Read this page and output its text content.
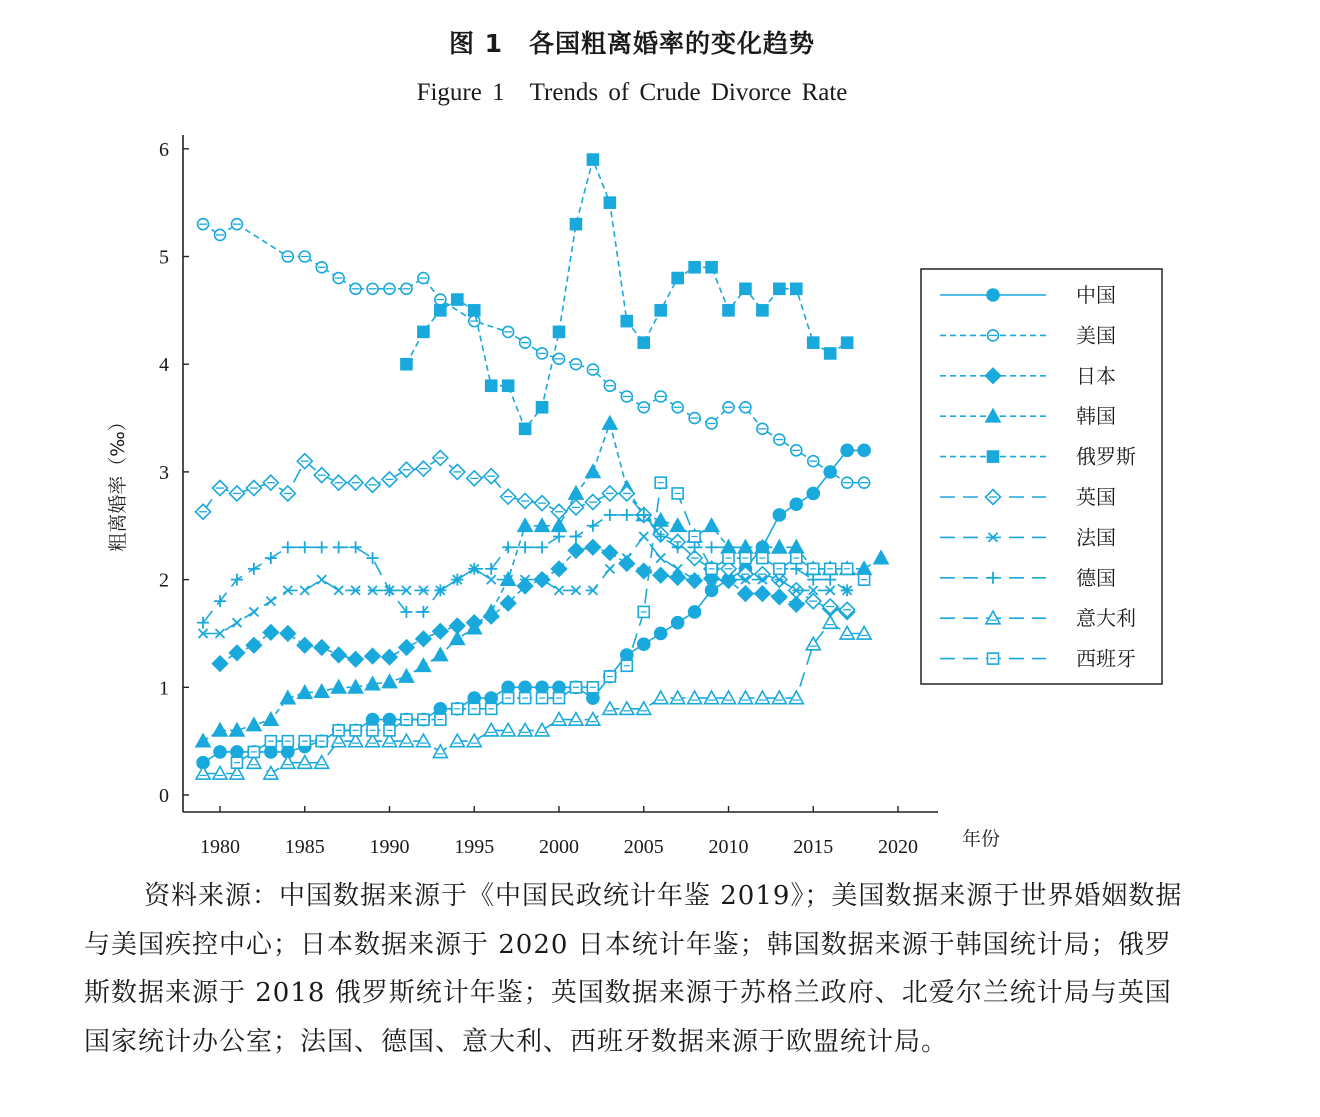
图 1　各国粗离婚率的变化趋势
Figure 1　Trends of Crude Divorce Rate
1980 1985 1990 1995 2000 2005 2010 2015 2020
0
1
2
3
4
5
6
年份
粗离婚率（‰）
中国
美国
日本
韩国
俄罗斯
英国
法国
德国
意大利
西班牙

资料来源：中国数据来源于《中国民政统计年鉴 2019》；美国数据来源于世界婚姻数据与美国疾控中心；日本数据来源于 2020 日本统计年鉴；韩国数据来源于韩国统计局；俄罗斯数据来源于 2018 俄罗斯统计年鉴；英国数据来源于苏格兰政府、北爱尔兰统计局与英国国家统计办公室；法国、德国、意大利、西班牙数据来源于欧盟统计局。
